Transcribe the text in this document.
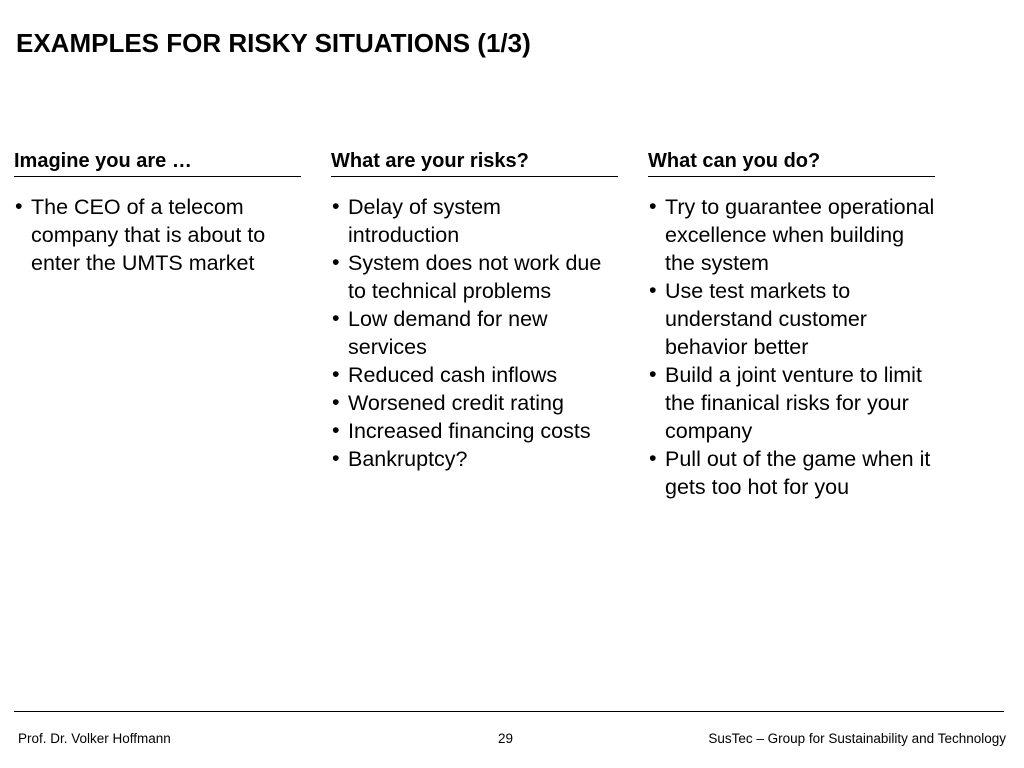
EXAMPLES FOR RISKY SITUATIONS (1/3)
Imagine you are …
• The CEO of a telecom company that is about to enter the UMTS market
What are your risks?
• Delay of system introduction
• System does not work due to technical problems
• Low demand for new services
• Reduced cash inflows
• Worsened credit rating
• Increased financing costs
• Bankruptcy?
What can you do?
• Try to guarantee operational excellence when building the system
• Use test markets to understand customer behavior better
• Build a joint venture to limit the finanical risks for your company
• Pull out of the game when it gets too hot for you
Prof. Dr. Volker Hoffmann	29	SusTec – Group for Sustainability and Technology
